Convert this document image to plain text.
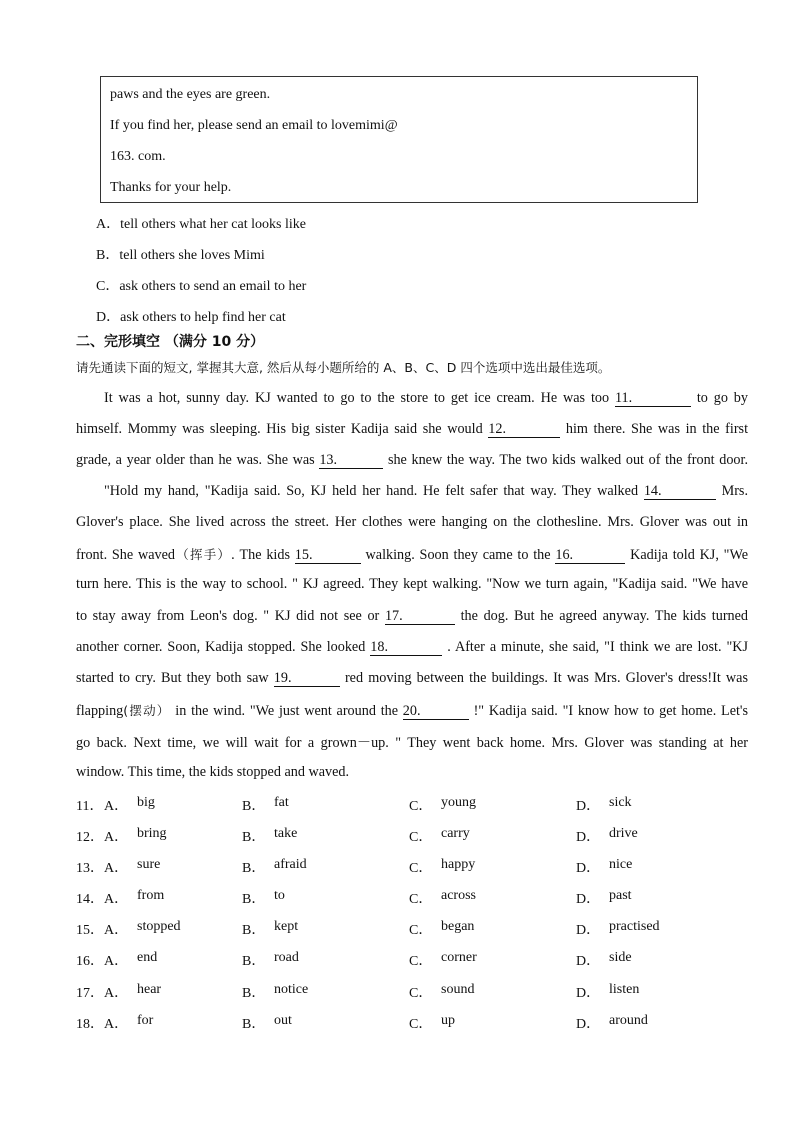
paws and the eyes are green.
If you find her, please send an email to lovemimi@
163. com.
Thanks for your help.
A．tell others what her cat looks like
B．tell others she loves Mimi
C．ask others to send an email to her
D．ask others to help find her cat
二、完形填空 （满分 10 分）
请先通读下面的短文, 掌握其大意, 然后从每小题所给的 A、B、C、D 四个选项中选出最佳选项。
It was a hot, sunny day. KJ wanted to go to the store to get ice cream. He was too 11.	to go by
himself. Mommy was sleeping. His big sister Kadija said she would 12.	him there. She was in the first
grade, a year older than he was. She was 13.	she knew the way. The two kids walked out of the front door.
"Hold my hand, "Kadija said. So, KJ held her hand. He felt safer that way. They walked 14.	Mrs.
Glover's place. She lived across the street. Her clothes were hanging on the clothesline. Mrs. Glover was out in
front. She waved（挥手）. The kids 15.	walking. Soon they came to the 16.	Kadija told KJ, "We
turn here. This is the way to school. " KJ agreed. They kept walking. "Now we turn again, "Kadija said. "We have
to stay away from Leon's dog. " KJ did not see or 17.	the dog. But he agreed anyway. The kids turned
another corner. Soon, Kadija stopped. She looked 18.	. After a minute, she said, "I think we are lost. "KJ
started to cry. But they both saw 19.	red moving between the buildings. It was Mrs. Glover's dress!It was
flapping(摆动） in the wind. "We just went around the 20.	!" Kadija said. "I know how to get home. Let's
go back. Next time, we will wait for a grown－up. " They went back home. Mrs. Glover was standing at her
window. This time, the kids stopped and waved.
11． A． big	B． fat	C． young	D． sick
12． A． bring	B． take	C． carry	D． drive
13． A． sure	B． afraid	C． happy	D． nice
14． A． from	B． to	C． across	D． past
15． A． stopped	B． kept	C． began	D． practised
16． A． end	B． road	C． corner	D． side
17． A． hear	B． notice	C． sound	D． listen
18． A． for	B． out	C． up	D． around
